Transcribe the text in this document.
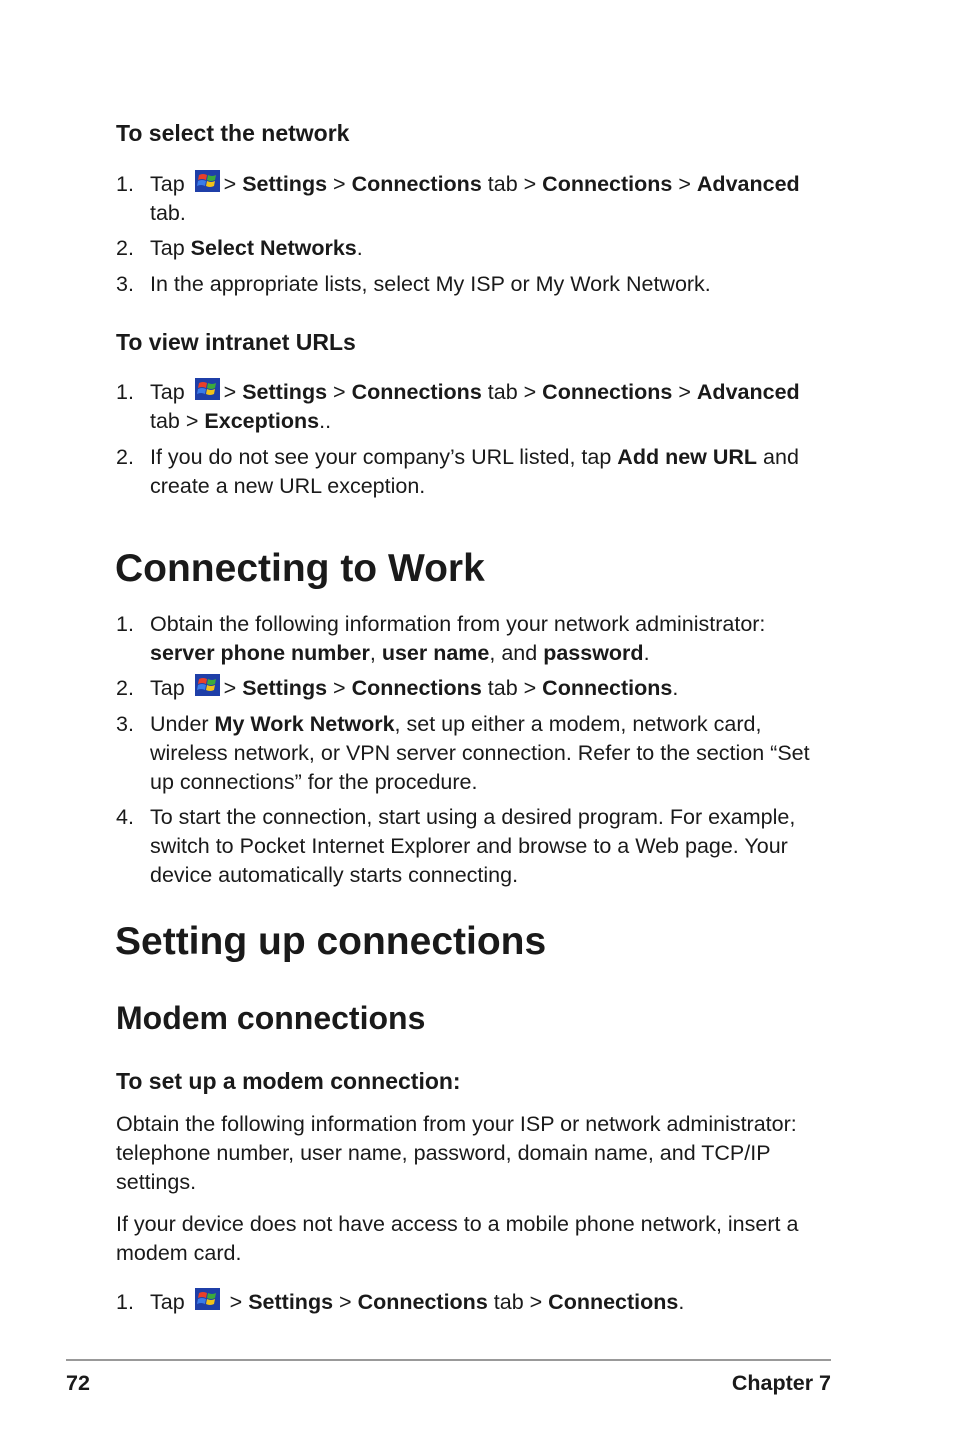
To select the network
1. Tap > Settings > Connections tab > Connections > Advanced tab.
2. Tap Select Networks.
3. In the appropriate lists, select My ISP or My Work Network.
To view intranet URLs
1. Tap > Settings > Connections tab > Connections > Advanced tab > Exceptions..
2. If you do not see your company’s URL listed, tap Add new URL and create a new URL exception.
Connecting to Work
1. Obtain the following information from your network administrator: server phone number, user name, and password.
2. Tap > Settings > Connections tab > Connections.
3. Under My Work Network, set up either a modem, network card, wireless network, or VPN server connection. Refer to the section “Set up connections” for the procedure.
4. To start the connection, start using a desired program. For example, switch to Pocket Internet Explorer and browse to a Web page. Your device automatically starts connecting.
Setting up connections
Modem connections
To set up a modem connection:

Obtain the following information from your ISP or network administrator: telephone number, user name, password, domain name, and TCP/IP settings.

If your device does not have access to a mobile phone network, insert a modem card.

1. Tap > Settings > Connections tab > Connections.
72	Chapter 7
